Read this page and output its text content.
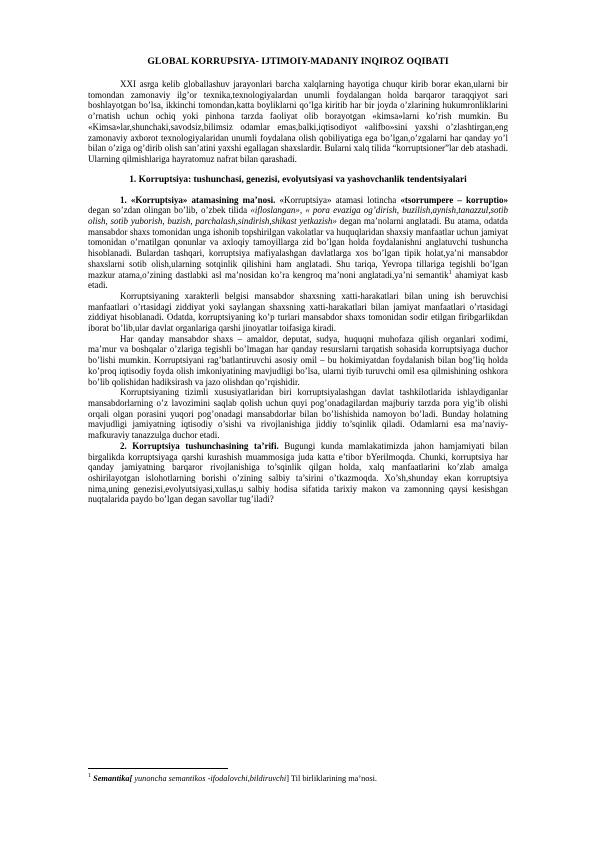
GLOBAL KORRUPSIYA- IJTIMOIY-MADANIY INQIROZ OQIBATI

XXI asrga kelib globallashuv jarayonlari barcha xalqlarning hayotiga chuqur kirib borar ekan,ularni bir tomondan zamonaviy ilg’or texnika,texnologiyalardan unumli foydalangan holda barqaror taraqqiyot sari boshlayotgan bo’lsa, ikkinchi tomondan,katta boyliklarni qo’lga kiritib har bir joyda o’zlarining hukumronliklarini o’rnatish uchun ochiq yoki pinhona tarzda faoliyat olib borayotgan «kimsa»larni ko’rish mumkin. Bu «Kimsa»lar,shunchaki,savodsiz,bilimsiz odamlar emas,balki,iqtisodiyot «alifbo»sini yaxshi o’zlashtirgan,eng zamonaviy axborot texnologiyalaridan unumli foydalana olish qobiliyatiga ega bo’lgan,o’zgalarni har qanday yo’l bilan o’ziga og’dirib olish san’atini yaxshi egallagan shaxslardir. Bularni xalq tilida “korruptsioner”lar deb atashadi. Ularning qilmishlariga hayratomuz nafrat bilan qarashadi.

1. Korruptsiya: tushunchasi, genezisi, evolyutsiyasi va yashovchanlik tendentsiyalari

1. «Korruptsiya» atamasining ma’nosi. «Korruptsiya» atamasi lotincha «tsorrumpere – korruptio» degan so’zdan olingan bo’lib, o’zbek tilida «ifloslangan», « pora evaziga og’dirish, buzilish,aynish,tanazzul,sotib olish, sotib yuborish, buzish, parchalash,sindirish,shikast yetkazish» degan ma’nolarni anglatadi. Bu atama, odatda mansabdor shaxs tomonidan unga ishonib topshirilgan vakolatlar va huquqlaridan shaxsiy manfaatlar uchun jamiyat tomonidan o’rnatilgan qonunlar va axloqiy tamoyillarga zid bo’lgan holda foydalanishni anglatuvchi tushuncha hisoblanadi. Bulardan tashqari, korruptsiya mafiyalashgan davlatlarga xos bo’lgan tipik holat,ya’ni mansabdor shaxslarni sotib olish,ularning sotqinlik qilishini ham anglatadi. Shu tariqa, Yevropa tillariga tegishli bo’lgan mazkur atama,o’zining dastlabki asl ma’nosidan ko’ra kengroq ma’noni anglatadi,ya’ni semantik$^1$ ahamiyat kasb etadi.

Korruptsiyaning xarakterli belgisi mansabdor shaxsning xatti-harakatlari bilan uning ish beruvchisi manfaatlari o’rtasidagi ziddiyat yoki saylangan shaxsning xatti-harakatlari bilan jamiyat manfaatlari o’rtasidagi ziddiyat hisoblanadi. Odatda, korruptsiyaning ko’p turlari mansabdor shaxs tomonidan sodir etilgan firibgarlikdan iborat bo’lib,ular davlat organlariga qarshi jinoyatlar toifasiga kiradi.

Har qanday mansabdor shaxs – amaldor, deputat, sudya, huquqni muhofaza qilish organlari xodimi, ma’mur va boshqalar o’zlariga tegishli bo’lmagan har qanday resurslarni tarqatish sohasida korruptsiyaga duchor bo’lishi mumkin. Korruptsiyani rag’batlantiruvchi asosiy omil – bu hokimiyatdan foydalanish bilan bog’liq holda ko’proq iqtisodiy foyda olish imkoniyatining mavjudligi bo’lsa, ularni tiyib turuvchi omil esa qilmishining oshkora bo’lib qolishidan hadiksirash va jazo olishdan qo’rqishidir.

Korruptsiyaning tizimli xususiyatlaridan biri korruptsiyalashgan davlat tashkilotlarida ishlaydiganlar mansabdorlarning o’z lavozimini saqlab qolish uchun quyi pog’onadagilardan majburiy tarzda pora yig’ib olishi orqali olgan porasini yuqori pog’onadagi mansabdorlar bilan bo’lishishida namoyon bo’ladi. Bunday holatning mavjudligi jamiyatning iqtisodiy o’sishi va rivojlanishiga jiddiy to’sqinlik qiladi. Odamlarni esa ma’naviy-mafkuraviy tanazzulga duchor etadi.

2. Korruptsiya tushunchasining ta’rifi. Bugungi kunda mamlakatimizda jahon hamjamiyati bilan birgalikda korruptsiyaga qarshi kurashish muammosiga juda katta e’tibor bYerilmoqda. Chunki, korruptsiya har qanday jamiyatning barqaror rivojlanishiga to’sqinlik qilgan holda, xalq manfaatlarini ko’zlab amalga oshirilayotgan islohotlarning borishi o’zining salbiy ta’sirini o’tkazmoqda. Xo’sh,shunday ekan korruptsiya nima,uning genezisi,evolyutsiyasi,xullas,u salbiy hodisa sifatida tarixiy makon va zamonning qaysi kesishgan nuqtalarida paydo bo’lgan degan savollar tug’iladi?

$^1$ Semantika[ yunoncha semantikos -ifodalovchi,bildiruvchi] Til birliklarining ma’nosi.
